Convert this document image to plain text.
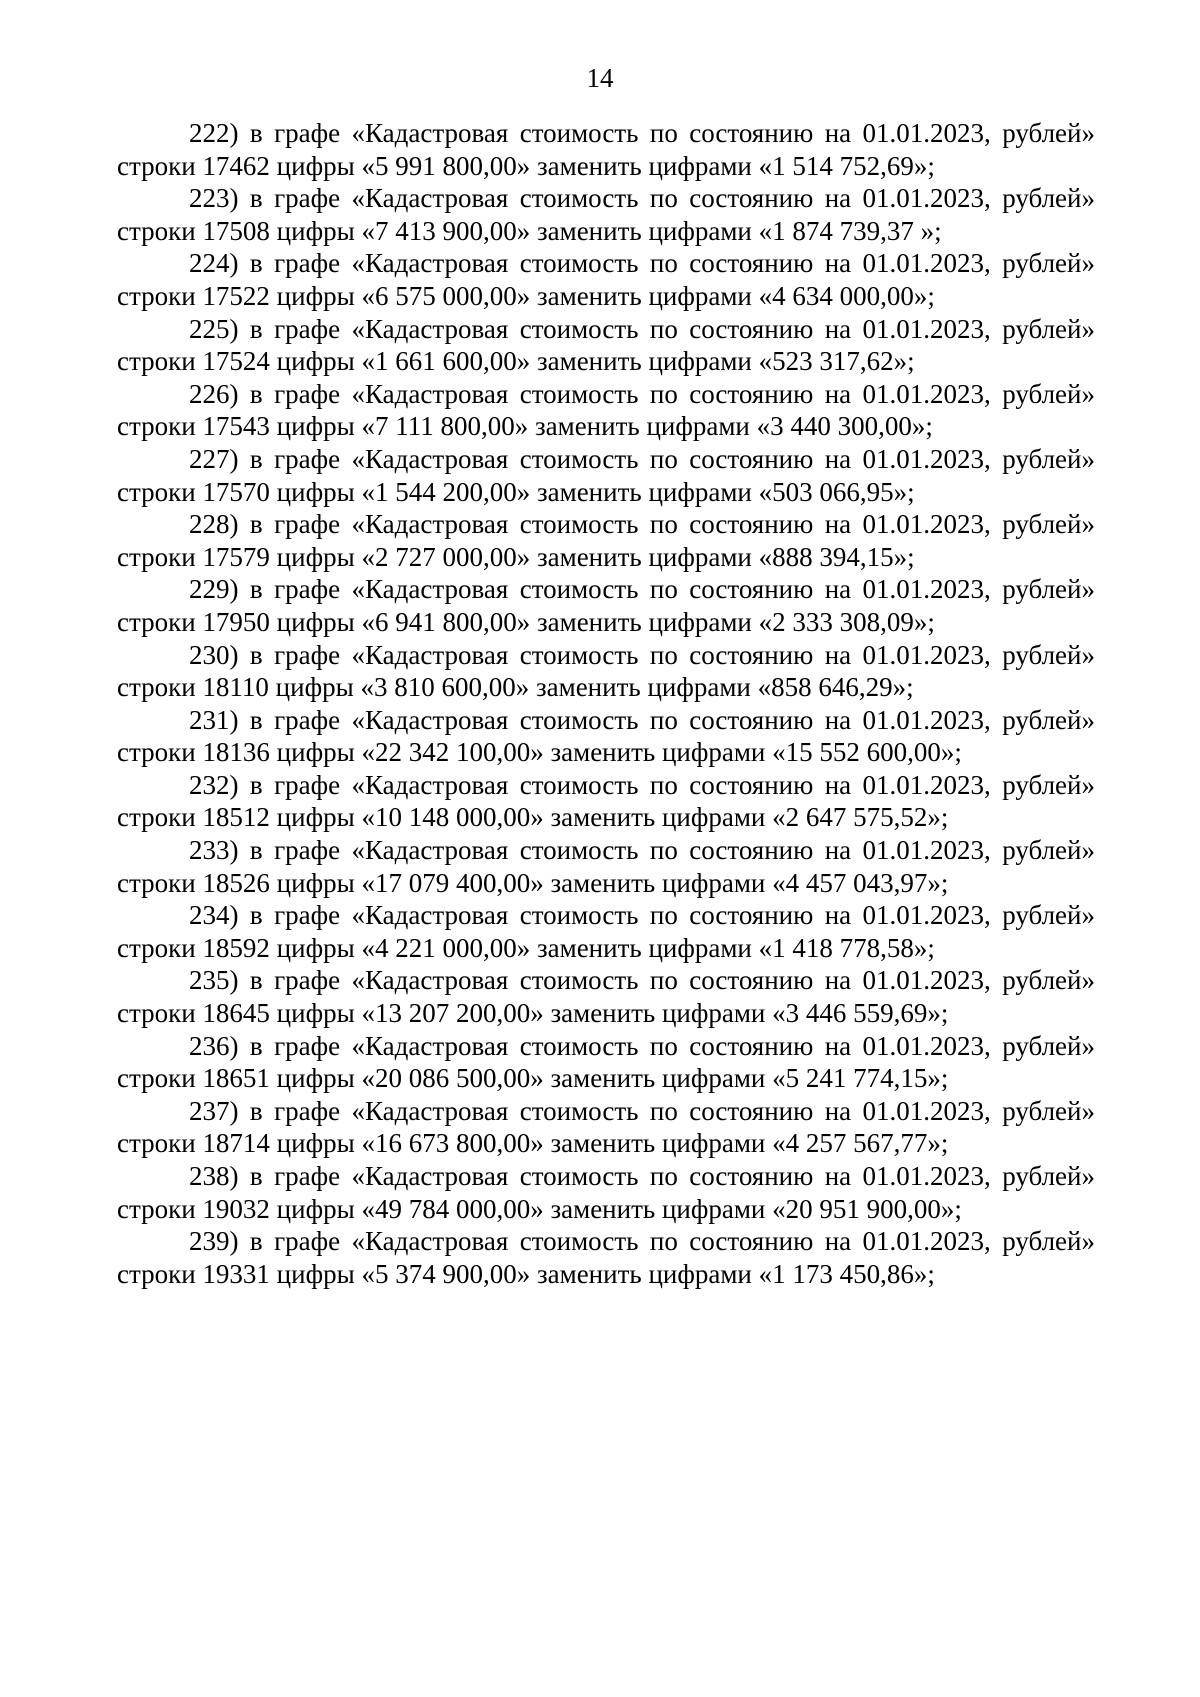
14

222) в графе «Кадастровая стоимость по состоянию на 01.01.2023, рублей» строки 17462 цифры «5 991 800,00» заменить цифрами «1 514 752,69»;

223) в графе «Кадастровая стоимость по состоянию на 01.01.2023, рублей» строки 17508 цифры «7 413 900,00» заменить цифрами «1 874 739,37 »;

224) в графе «Кадастровая стоимость по состоянию на 01.01.2023, рублей» строки 17522 цифры «6 575 000,00» заменить цифрами «4 634 000,00»;

225) в графе «Кадастровая стоимость по состоянию на 01.01.2023, рублей» строки 17524 цифры «1 661 600,00» заменить цифрами «523 317,62»;

226) в графе «Кадастровая стоимость по состоянию на 01.01.2023, рублей» строки 17543 цифры «7 111 800,00» заменить цифрами «3 440 300,00»;

227) в графе «Кадастровая стоимость по состоянию на 01.01.2023, рублей» строки 17570 цифры «1 544 200,00» заменить цифрами «503 066,95»;

228) в графе «Кадастровая стоимость по состоянию на 01.01.2023, рублей» строки 17579 цифры «2 727 000,00» заменить цифрами «888 394,15»;

229) в графе «Кадастровая стоимость по состоянию на 01.01.2023, рублей» строки 17950 цифры «6 941 800,00» заменить цифрами «2 333 308,09»;

230) в графе «Кадастровая стоимость по состоянию на 01.01.2023, рублей» строки 18110 цифры «3 810 600,00» заменить цифрами «858 646,29»;

231) в графе «Кадастровая стоимость по состоянию на 01.01.2023, рублей» строки 18136 цифры «22 342 100,00» заменить цифрами «15 552 600,00»;

232) в графе «Кадастровая стоимость по состоянию на 01.01.2023, рублей» строки 18512 цифры «10 148 000,00» заменить цифрами «2 647 575,52»;

233) в графе «Кадастровая стоимость по состоянию на 01.01.2023, рублей» строки 18526 цифры «17 079 400,00» заменить цифрами «4 457 043,97»;

234) в графе «Кадастровая стоимость по состоянию на 01.01.2023, рублей» строки 18592 цифры «4 221 000,00» заменить цифрами «1 418 778,58»;

235) в графе «Кадастровая стоимость по состоянию на 01.01.2023, рублей» строки 18645 цифры «13 207 200,00» заменить цифрами «3 446 559,69»;

236) в графе «Кадастровая стоимость по состоянию на 01.01.2023, рублей» строки 18651 цифры «20 086 500,00» заменить цифрами «5 241 774,15»;

237) в графе «Кадастровая стоимость по состоянию на 01.01.2023, рублей» строки 18714 цифры «16 673 800,00» заменить цифрами «4 257 567,77»;

238) в графе «Кадастровая стоимость по состоянию на 01.01.2023, рублей» строки 19032 цифры «49 784 000,00» заменить цифрами «20 951 900,00»;

239) в графе «Кадастровая стоимость по состоянию на 01.01.2023, рублей» строки 19331 цифры «5 374 900,00» заменить цифрами «1 173 450,86»;
